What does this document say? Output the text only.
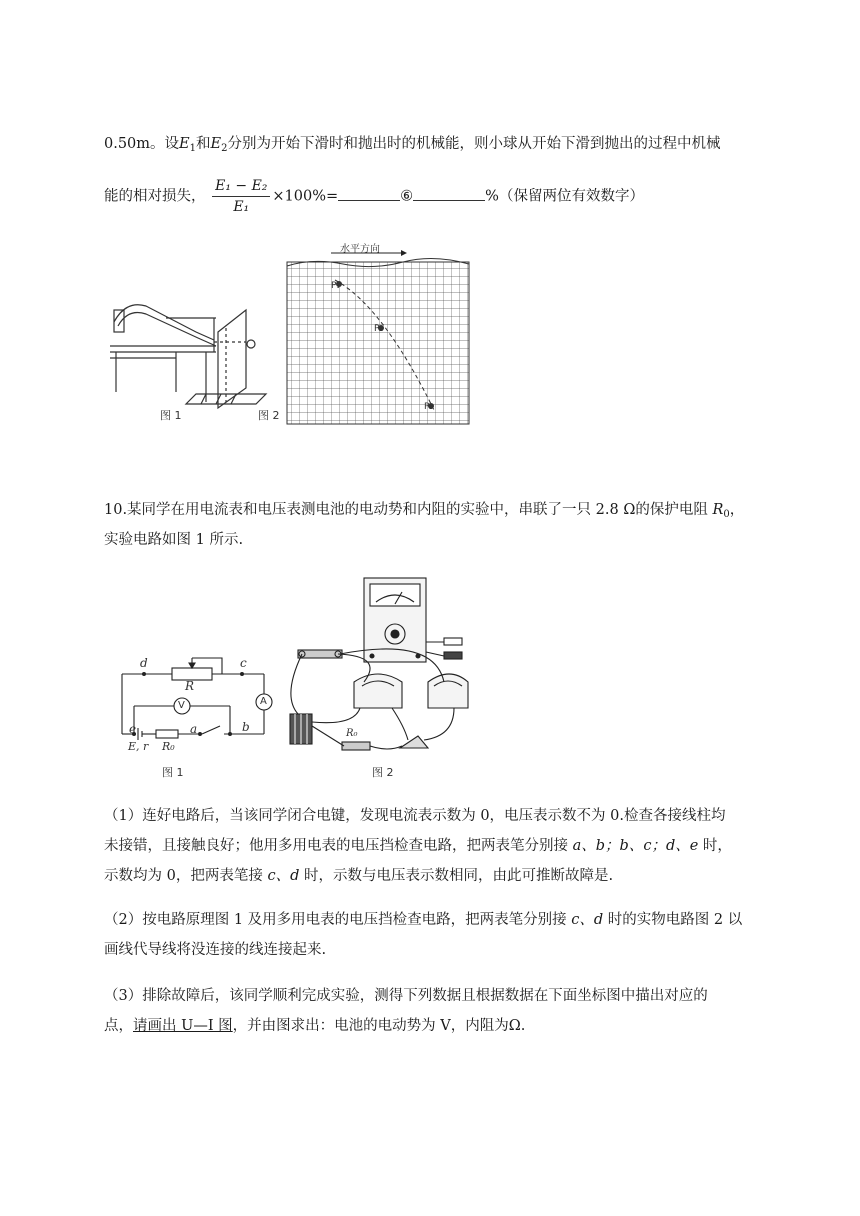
0.50m。设$E_1$和$E_2$分别为开始下滑时和抛出时的机械能，则小球从开始下滑到抛出的过程中机械
能的相对损失， $\frac{\text{E₁ − E₂}}{\text{E₁}} \times 100\%=$	⑥	%（保留两位有效数字）
图 1	图 2
水平方向
P₁
P₂
P₃
10.某同学在用电流表和电压表测电池的电动势和内阻的实验中，串联了一只 2.8 Ω的保护电阻 $R_0$，
实验电路如图 1 所示.
d	c
R
V	A
a	b
e
E, r R₀
图 1
R₀
图 2
（1）连好电路后，当该同学闭合电键，发现电流表示数为 0，电压表示数不为 0.检查各接线柱均
未接错，且接触良好；他用多用电表的电压挡检查电路，把两表笔分别接 a、b；b、c；d、e 时，
示数均为 0，把两表笔接 c、d 时，示数与电压表示数相同，由此可推断故障是.
（2）按电路原理图 1 及用多用电表的电压挡检查电路，把两表笔分别接 c、d 时的实物电路图 2 以
画线代导线将没连接的线连接起来.
（3）排除故障后，该同学顺利完成实验，测得下列数据且根据数据在下面坐标图中描出对应的
点，请画出 U—I 图，并由图求出：电池的电动势为 V，内阻为Ω.
